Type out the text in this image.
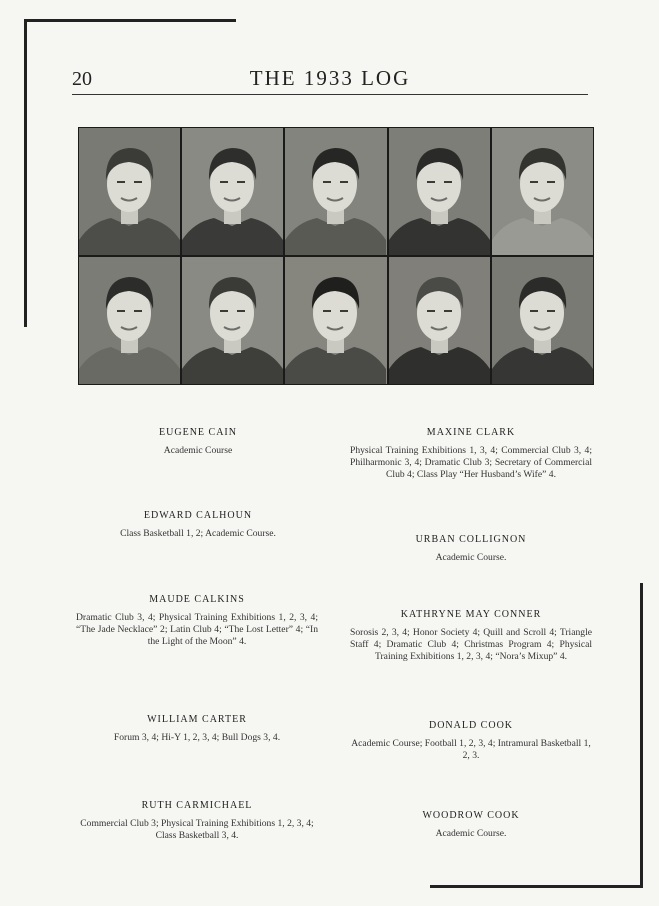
20	THE 1933 LOG
EUGENE CAIN
Academic Course
EDWARD CALHOUN
Class Basketball 1, 2; Academic Course.
MAUDE CALKINS
Dramatic Club 3, 4; Physical Training Exhibitions 1, 2, 3, 4; “The Jade Necklace” 2; Latin Club 4; “The Lost Letter” 4; “In the Light of the Moon” 4.
WILLIAM CARTER
Forum 3, 4; Hi-Y 1, 2, 3, 4; Bull Dogs 3, 4.
RUTH CARMICHAEL
Commercial Club 3; Physical Training Exhibitions 1, 2, 3, 4; Class Basketball 3, 4.
MAXINE CLARK
Physical Training Exhibitions 1, 3, 4; Commercial Club 3, 4; Philharmonic 3, 4; Dramatic Club 3; Secretary of Commercial Club 4; Class Play “Her Husband’s Wife” 4.
URBAN COLLIGNON
Academic Course.
KATHRYNE MAY CONNER
Sorosis 2, 3, 4; Honor Society 4; Quill and Scroll 4; Triangle Staff 4; Dramatic Club 4; Christmas Program 4; Physical Training Exhibitions 1, 2, 3, 4; “Nora’s Mixup” 4.
DONALD COOK
Academic Course; Football 1, 2, 3, 4; Intramural Basketball 1, 2, 3.
WOODROW COOK
Academic Course.
